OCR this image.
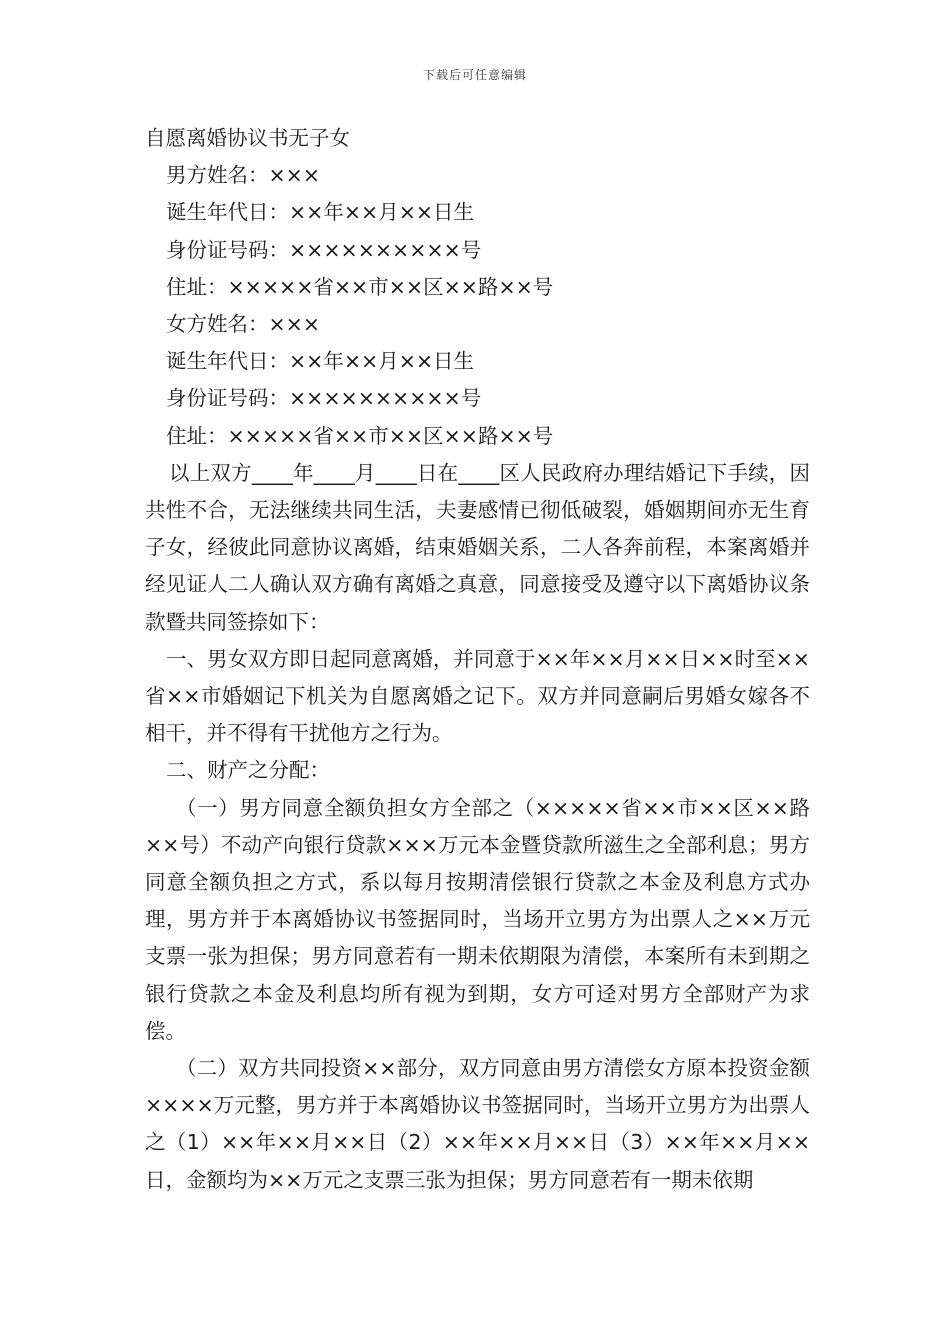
下载后可任意编辑

自愿离婚协议书无子女

男方姓名：×××

诞生年代日：××年××月××日生

身份证号码：××××××××××号

住址：×××××省××市××区××路××号

女方姓名：×××

诞生年代日：××年××月××日生

身份证号码：××××××××××号

住址：×××××省××市××区××路××号

以上双方____年____月____日在____区人民政府办理结婚记下手续，因共性不合，无法继续共同生活，夫妻感情已彻低破裂，婚姻期间亦无生育子女，经彼此同意协议离婚，结束婚姻关系，二人各奔前程，本案离婚并经见证人二人确认双方确有离婚之真意，同意接受及遵守以下离婚协议条款暨共同签捺如下：

一、男女双方即日起同意离婚，并同意于××年××月××日××时至××省××市婚姻记下机关为自愿离婚之记下。双方并同意嗣后男婚女嫁各不相干，并不得有干扰他方之行为。

二、财产之分配：

（一）男方同意全额负担女方全部之（×××××省××市××区××路××号）不动产向银行贷款×××万元本金暨贷款所滋生之全部利息；男方同意全额负担之方式，系以每月按期清偿银行贷款之本金及利息方式办理，男方并于本离婚协议书签据同时，当场开立男方为出票人之××万元支票一张为担保；男方同意若有一期未依期限为清偿，本案所有未到期之银行贷款之本金及利息均所有视为到期，女方可迳对男方全部财产为求偿。

（二）双方共同投资××部分，双方同意由男方清偿女方原本投资金额××××万元整，男方并于本离婚协议书签据同时，当场开立男方为出票人之（1）××年××月××日（2）××年××月××日（3）××年××月××日，金额均为××万元之支票三张为担保；男方同意若有一期未依期
